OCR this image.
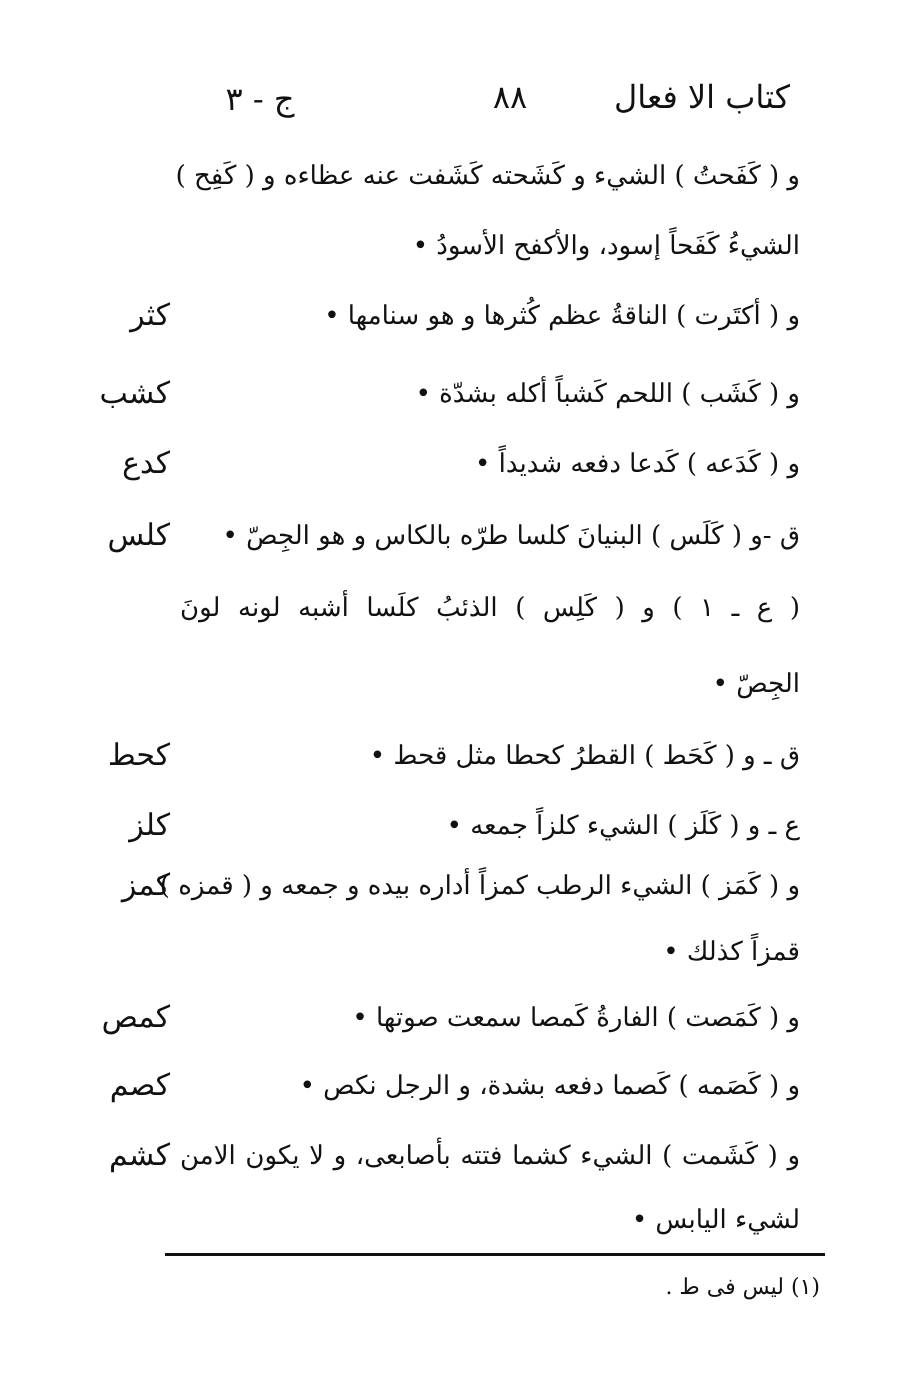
كتاب الا فعال
٨٨
ج - ٣
و ( كَفَحتُ ) الشيء و كَشَحته كَشَفت عنه عظاءه و ( كَفِح )
الشيءُ كَفَحاً إسود، والأكفح الأسودُ •
و ( أكتَرت ) الناقةُ عظم كُثرها و هو سنامها •
كثر
و ( كَشَب ) اللحم كَشباً أكله بشدّة •
كشب
و ( كَدَعه ) كَدعا دفعه شديداً •
كدع
ق -و ( كَلَس ) البنيانَ كلسا طرّه بالكاس و هو الجِصّ •
كلس
( ع ـ ١ ) و ( كَلِس ) الذئبُ كلَسا أشبه لونه لونَ
الجِصّ •
ق ـ و ( كَحَط ) القطرُ كحطا مثل قحط •
كحط
ع ـ و ( كَلَز ) الشيء كلزاً جمعه •
كلز
و ( كَمَز ) الشيء الرطب كمزاً أداره بيده و جمعه و ( قمزه )
كمز
قمزاً كذلك •
و ( كَمَصت ) الفارةُ كَمصا سمعت صوتها •
كمص
و ( كَصَمه ) كَصما دفعه بشدة، و الرجل نكص •
كصم
و ( كَشَمت ) الشيء كشما فتته بأصابعى، و لا يكون الامن
كشم
لشيء اليابس •
(١) ليس فى ط .
